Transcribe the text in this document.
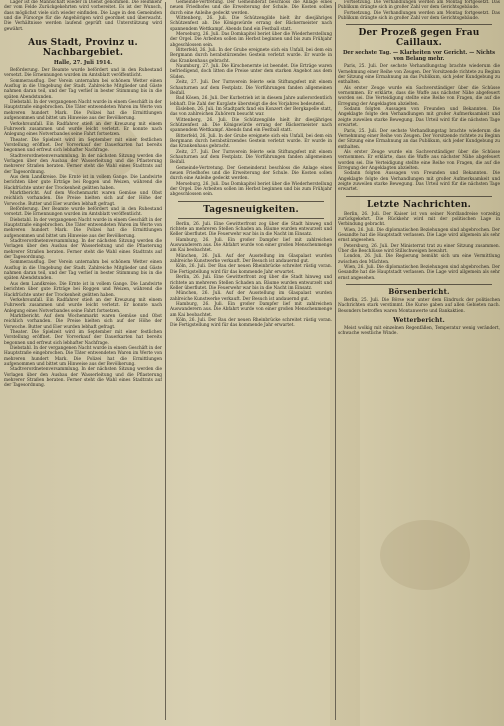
Lager ist die Mannschaft wieder in Dienst genommen. Die Heimkehr der vom Felde Zurückgekehrten wird vorbereitet. Es ist der Wunsch, dass möglichst viele sich wieder einfinden. Die Lage in den Gemeinden und die Fürsorge für die Angehörigen wird geordnet und überwacht. Die Verhältnisse werden laufend geprüft und Unterstützung wird gewährt.

Aus Stadt, Provinz u. Nachbargebiet.
Halle, 27. Juli 1914.

Beförderung. Der Beamte wurde befördert und in den Ruhestand versetzt. Die Ernennungen wurden im Amtsblatt veröffentlicht.

Sommerausflug. Der Verein unternahm bei schönem Wetter einen Ausflug in die Umgebung der Stadt. Zahlreiche Mitglieder und Gäste nahmen daran teil, und der Tag verlief in bester Stimmung bis in die späten Abendstunden.

Diebstahl. In der vergangenen Nacht wurde in einem Geschäft in der Hauptstraße eingebrochen. Die Täter entwendeten Waren im Werte von mehreren hundert Mark. Die Polizei hat die Ermittlungen aufgenommen und bittet um Hinweise aus der Bevölkerung.

Verkehrsunfall. Ein Radfahrer stieß an der Kreuzung mit einem Fuhrwerk zusammen und wurde leicht verletzt. Er konnte nach Anlegung eines Notverbandes seine Fahrt fortsetzen.

Theater. Die Spielzeit wird im September mit einer festlichen Vorstellung eröffnet. Der Vorverkauf der Dauerkarten hat bereits begonnen und erfreut sich lebhafter Nachfrage.

Stadtverordnetenversammlung. In der nächsten Sitzung werden die Vorlagen über den Ausbau der Wasserleitung und die Pflasterung mehrerer Straßen beraten. Ferner steht die Wahl eines Stadtrats auf der Tagesordnung.

Aus dem Landkreise. Die Ernte ist in vollem Gange. Die Landwirte berichten über gute Erträge bei Roggen und Weizen, während die Hackfrüchte unter der Trockenheit gelitten haben.

Marktbericht. Auf dem Wochenmarkt waren Gemüse und Obst reichlich vorhanden. Die Preise hielten sich auf der Höhe der Vorwoche. Butter und Eier wurden lebhaft gefragt.

Beförderung. Der Beamte wurde befördert und in den Ruhestand versetzt. Die Ernennungen wurden im Amtsblatt veröffentlicht.

Diebstahl. In der vergangenen Nacht wurde in einem Geschäft in der Hauptstraße eingebrochen. Die Täter entwendeten Waren im Werte von mehreren hundert Mark. Die Polizei hat die Ermittlungen aufgenommen und bittet um Hinweise aus der Bevölkerung.

Stadtverordnetenversammlung. In der nächsten Sitzung werden die Vorlagen über den Ausbau der Wasserleitung und die Pflasterung mehrerer Straßen beraten. Ferner steht die Wahl eines Stadtrats auf der Tagesordnung.

Sommerausflug. Der Verein unternahm bei schönem Wetter einen Ausflug in die Umgebung der Stadt. Zahlreiche Mitglieder und Gäste nahmen daran teil, und der Tag verlief in bester Stimmung bis in die späten Abendstunden.

Aus dem Landkreise. Die Ernte ist in vollem Gange. Die Landwirte berichten über gute Erträge bei Roggen und Weizen, während die Hackfrüchte unter der Trockenheit gelitten haben.

Verkehrsunfall. Ein Radfahrer stieß an der Kreuzung mit einem Fuhrwerk zusammen und wurde leicht verletzt. Er konnte nach Anlegung eines Notverbandes seine Fahrt fortsetzen.

Marktbericht. Auf dem Wochenmarkt waren Gemüse und Obst reichlich vorhanden. Die Preise hielten sich auf der Höhe der Vorwoche. Butter und Eier wurden lebhaft gefragt.

Theater. Die Spielzeit wird im September mit einer festlichen Vorstellung eröffnet. Der Vorverkauf der Dauerkarten hat bereits begonnen und erfreut sich lebhafter Nachfrage.

Diebstahl. In der vergangenen Nacht wurde in einem Geschäft in der Hauptstraße eingebrochen. Die Täter entwendeten Waren im Werte von mehreren hundert Mark. Die Polizei hat die Ermittlungen aufgenommen und bittet um Hinweise aus der Bevölkerung.

Stadtverordnetenversammlung. In der nächsten Sitzung werden die Vorlagen über den Ausbau der Wasserleitung und die Pflasterung mehrerer Straßen beraten. Ferner steht die Wahl eines Stadtrats auf der Tagesordnung.

Gemeinde-Vertretung. Der Gemeinderat beschloss die Anlage eines neuen Friedhofes und die Erweiterung der Schule. Die Kosten sollen durch eine Anleihe gedeckt werden.

Wittenberg, 26. Juli. Die Schützengilde hielt ihr diesjähriges Schützenfest ab. Die Königswürde errang der Bäckermeister nach spannendem Wettkampf. Abends fand ein Festball statt.

Merseburg, 26. Juli. Das Domkapitel beriet über die Wiederherstellung der Orgel. Die Arbeiten sollen im Herbst beginnen und bis zum Frühjahr abgeschlossen sein.

Bitterfeld, 26. Juli. In der Grube ereignete sich ein Unfall, bei dem ein Bergmann durch herabstürzendes Gestein verletzt wurde. Er wurde in das Krankenhaus gebracht.

Naumburg, 27. Juli. Die Kirschenernte ist beendet. Die Erträge waren befriedigend, doch litten die Preise unter dem starken Angebot aus dem Süden.

Zeitz, 27. Juli. Der Turnverein feierte sein Stiftungsfest mit einem Schauturnen auf dem Festplatz. Die Vorführungen fanden allgemeinen Beifall.

Bad Kösen, 26. Juli. Der Kurbetrieb ist in diesem Jahre außerordentlich lebhaft. Die Zahl der Kurgäste übersteigt die des Vorjahres bedeutend.

Eisleben, 26. Juli. Im Stadtpark fand ein Konzert der Bergkapelle statt, das von zahlreichen Zuhörern besucht war.

Wittenberg, 26. Juli. Die Schützengilde hielt ihr diesjähriges Schützenfest ab. Die Königswürde errang der Bäckermeister nach spannendem Wettkampf. Abends fand ein Festball statt.

Bitterfeld, 26. Juli. In der Grube ereignete sich ein Unfall, bei dem ein Bergmann durch herabstürzendes Gestein verletzt wurde. Er wurde in das Krankenhaus gebracht.

Zeitz, 27. Juli. Der Turnverein feierte sein Stiftungsfest mit einem Schauturnen auf dem Festplatz. Die Vorführungen fanden allgemeinen Beifall.

Gemeinde-Vertretung. Der Gemeinderat beschloss die Anlage eines neuen Friedhofes und die Erweiterung der Schule. Die Kosten sollen durch eine Anleihe gedeckt werden.

Merseburg, 26. Juli. Das Domkapitel beriet über die Wiederherstellung der Orgel. Die Arbeiten sollen im Herbst beginnen und bis zum Frühjahr abgeschlossen sein.

Tagesneuigkeiten.

Berlin, 26. Juli. Eine Gewitterfront zog über die Stadt hinweg und richtete an mehreren Stellen Schaden an. Bäume wurden entwurzelt und Keller überflutet. Die Feuerwehr war bis in die Nacht im Einsatz.

Hamburg, 26. Juli. Ein großer Dampfer lief mit zahlreichen Auswanderern aus. Die Abfahrt wurde von einer großen Menschenmenge am Kai beobachtet.

München, 26. Juli. Auf der Ausstellung im Glaspalast wurden zahlreiche Kunstwerke verkauft. Der Besuch ist andauernd gut.

Köln, 26. Juli. Der Bau der neuen Rheinbrücke schreitet rüstig voran. Die Fertigstellung wird für das kommende Jahr erwartet.

Berlin, 26. Juli. Eine Gewitterfront zog über die Stadt hinweg und richtete an mehreren Stellen Schaden an. Bäume wurden entwurzelt und Keller überflutet. Die Feuerwehr war bis in die Nacht im Einsatz.

München, 26. Juli. Auf der Ausstellung im Glaspalast wurden zahlreiche Kunstwerke verkauft. Der Besuch ist andauernd gut.

Hamburg, 26. Juli. Ein großer Dampfer lief mit zahlreichen Auswanderern aus. Die Abfahrt wurde von einer großen Menschenmenge am Kai beobachtet.

Köln, 26. Juli. Der Bau der neuen Rheinbrücke schreitet rüstig voran. Die Fertigstellung wird für das kommende Jahr erwartet.

Fortsetzung. Die Verhandlungen werden am Montag fortgesetzt. Das Publikum drängte sich in großer Zahl vor dem Gerichtsgebäude.

Fortsetzung. Die Verhandlungen werden am Montag fortgesetzt. Das Publikum drängte sich in großer Zahl vor dem Gerichtsgebäude.

Der Prozeß gegen Frau Caillaux.
Der sechste Tag. — Klarheiten vor Gericht. — Nichts von Belang mehr.

Paris, 25. Juli. Der sechste Verhandlungstag brachte wiederum die Vernehmung einer Reihe von Zeugen. Der Vorsitzende richtete zu Beginn der Sitzung eine Ermahnung an das Publikum, sich jeder Kundgebung zu enthalten.

Als erster Zeuge wurde ein Sachverständiger über die Schüsse vernommen. Er erklärte, dass die Waffe aus nächster Nähe abgefeuert worden sei. Die Verteidigung stellte eine Reihe von Fragen, die auf die Erregung der Angeklagten abzielten.

Sodann folgten Aussagen von Freunden und Bekannten. Die Angeklagte folgte den Verhandlungen mit großer Aufmerksamkeit und zeigte zuweilen starke Bewegung. Das Urteil wird für die nächsten Tage erwartet.

Paris, 25. Juli. Der sechste Verhandlungstag brachte wiederum die Vernehmung einer Reihe von Zeugen. Der Vorsitzende richtete zu Beginn der Sitzung eine Ermahnung an das Publikum, sich jeder Kundgebung zu enthalten.

Als erster Zeuge wurde ein Sachverständiger über die Schüsse vernommen. Er erklärte, dass die Waffe aus nächster Nähe abgefeuert worden sei. Die Verteidigung stellte eine Reihe von Fragen, die auf die Erregung der Angeklagten abzielten.

Sodann folgten Aussagen von Freunden und Bekannten. Die Angeklagte folgte den Verhandlungen mit großer Aufmerksamkeit und zeigte zuweilen starke Bewegung. Das Urteil wird für die nächsten Tage erwartet.

Letzte Nachrichten.

Berlin, 26. Juli. Der Kaiser ist von seiner Nordlandreise vorzeitig zurückgekehrt. Die Rückkehr wird mit der politischen Lage in Verbindung gebracht.

Wien, 26. Juli. Die diplomatischen Beziehungen sind abgebrochen. Der Gesandte hat die Hauptstadt verlassen. Die Lage wird allgemein als sehr ernst angesehen.

Petersburg, 26. Juli. Der Ministerrat trat zu einer Sitzung zusammen. Über die Beschlüsse wird Stillschweigen bewahrt.

London, 26. Juli. Die Regierung bemüht sich um eine Vermittlung zwischen den Mächten.

Wien, 26. Juli. Die diplomatischen Beziehungen sind abgebrochen. Der Gesandte hat die Hauptstadt verlassen. Die Lage wird allgemein als sehr ernst angesehen.

Börsenbericht.

Berlin, 25. Juli. Die Börse war unter dem Eindruck der politischen Nachrichten stark verstimmt. Die Kurse gaben auf allen Gebieten nach. Besonders betroffen waren Montanwerte und Bankaktien.

Wetterbericht.

Meist wolkig mit einzelnen Regenfällen, Temperatur wenig verändert, schwache westliche Winde.
